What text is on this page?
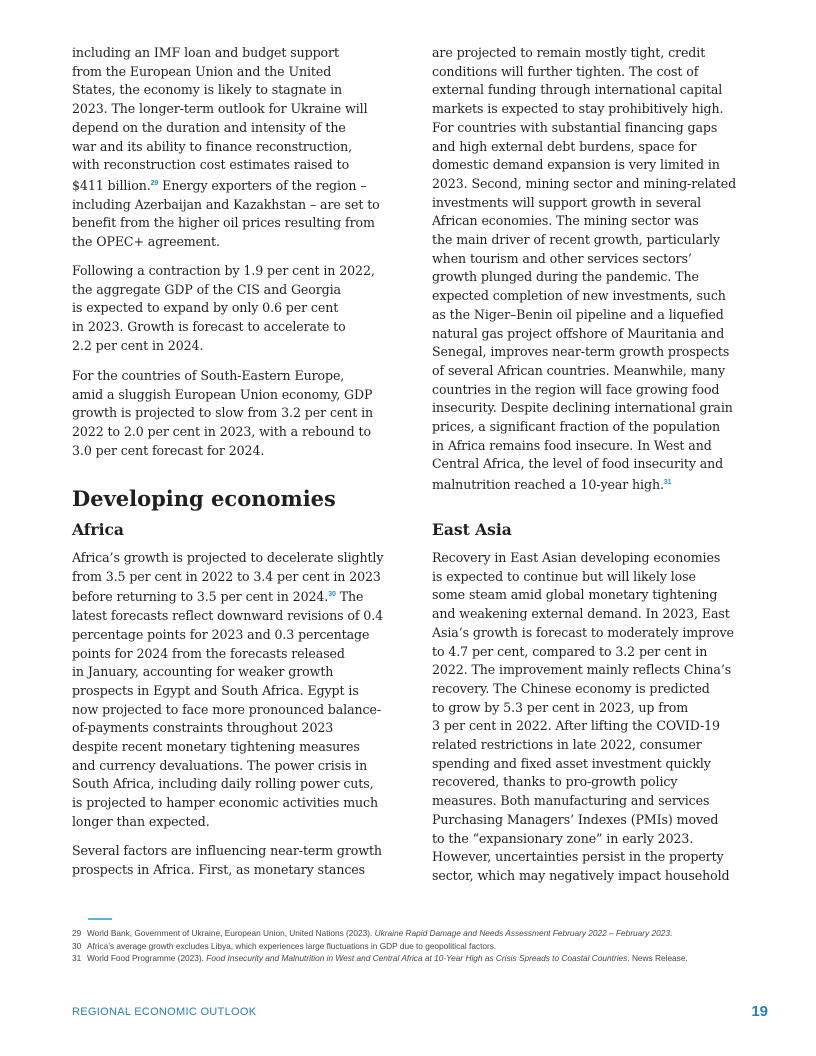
including an IMF loan and budget support
from the European Union and the United
States, the economy is likely to stagnate in
2023. The longer-term outlook for Ukraine will
depend on the duration and intensity of the
war and its ability to finance reconstruction,
with reconstruction cost estimates raised to
$411 billion.$^{29}$ Energy exporters of the region –
including Azerbaijan and Kazakhstan – are set to
benefit from the higher oil prices resulting from
the OPEC+ agreement.
Following a contraction by 1.9 per cent in 2022,
the aggregate GDP of the CIS and Georgia
is expected to expand by only 0.6 per cent
in 2023. Growth is forecast to accelerate to
2.2 per cent in 2024.
For the countries of South-Eastern Europe,
amid a sluggish European Union economy, GDP
growth is projected to slow from 3.2 per cent in
2022 to 2.0 per cent in 2023, with a rebound to
3.0 per cent forecast for 2024.
Developing economies
Africa
Africa’s growth is projected to decelerate slightly
from 3.5 per cent in 2022 to 3.4 per cent in 2023
before returning to 3.5 per cent in 2024.30 The
latest forecasts reflect downward revisions of 0.4
percentage points for 2023 and 0.3 percentage
points for 2024 from the forecasts released
in January, accounting for weaker growth
prospects in Egypt and South Africa. Egypt is
now projected to face more pronounced balance-
of-payments constraints throughout 2023
despite recent monetary tightening measures
and currency devaluations. The power crisis in
South Africa, including daily rolling power cuts,
is projected to hamper economic activities much
longer than expected.
Several factors are influencing near-term growth
prospects in Africa. First, as monetary stances
are projected to remain mostly tight, credit
conditions will further tighten. The cost of
external funding through international capital
markets is expected to stay prohibitively high.
For countries with substantial financing gaps
and high external debt burdens, space for
domestic demand expansion is very limited in
2023. Second, mining sector and mining-related
investments will support growth in several
African economies. The mining sector was
the main driver of recent growth, particularly
when tourism and other services sectors’
growth plunged during the pandemic. The
expected completion of new investments, such
as the Niger–Benin oil pipeline and a liquefied
natural gas project offshore of Mauritania and
Senegal, improves near-term growth prospects
of several African countries. Meanwhile, many
countries in the region will face growing food
insecurity. Despite declining international grain
prices, a significant fraction of the population
in Africa remains food insecure. In West and
Central Africa, the level of food insecurity and
malnutrition reached a 10-year high.$^{31}$
East Asia
Recovery in East Asian developing economies
is expected to continue but will likely lose
some steam amid global monetary tightening
and weakening external demand. In 2023, East
Asia’s growth is forecast to moderately improve
to 4.7 per cent, compared to 3.2 per cent in
2022. The improvement mainly reflects China’s
recovery. The Chinese economy is predicted
to grow by 5.3 per cent in 2023, up from
3 per cent in 2022. After lifting the COVID-19
related restrictions in late 2022, consumer
spending and fixed asset investment quickly
recovered, thanks to pro-growth policy
measures. Both manufacturing and services
Purchasing Managers’ Indexes (PMIs) moved
to the “expansionary zone” in early 2023.
However, uncertainties persist in the property
sector, which may negatively impact household
29 World Bank, Government of Ukraine, European Union, United Nations (2023). Ukraine Rapid Damage and Needs Assessment February 2022 – February 2023.
30 Africa’s average growth excludes Libya, which experiences large fluctuations in GDP due to geopolitical factors.
31 World Food Programme (2023). Food Insecurity and Malnutrition in West and Central Africa at 10-Year High as Crisis Spreads to Coastal Countries. News Release.
REGIONAL ECONOMIC OUTLOOK	19
